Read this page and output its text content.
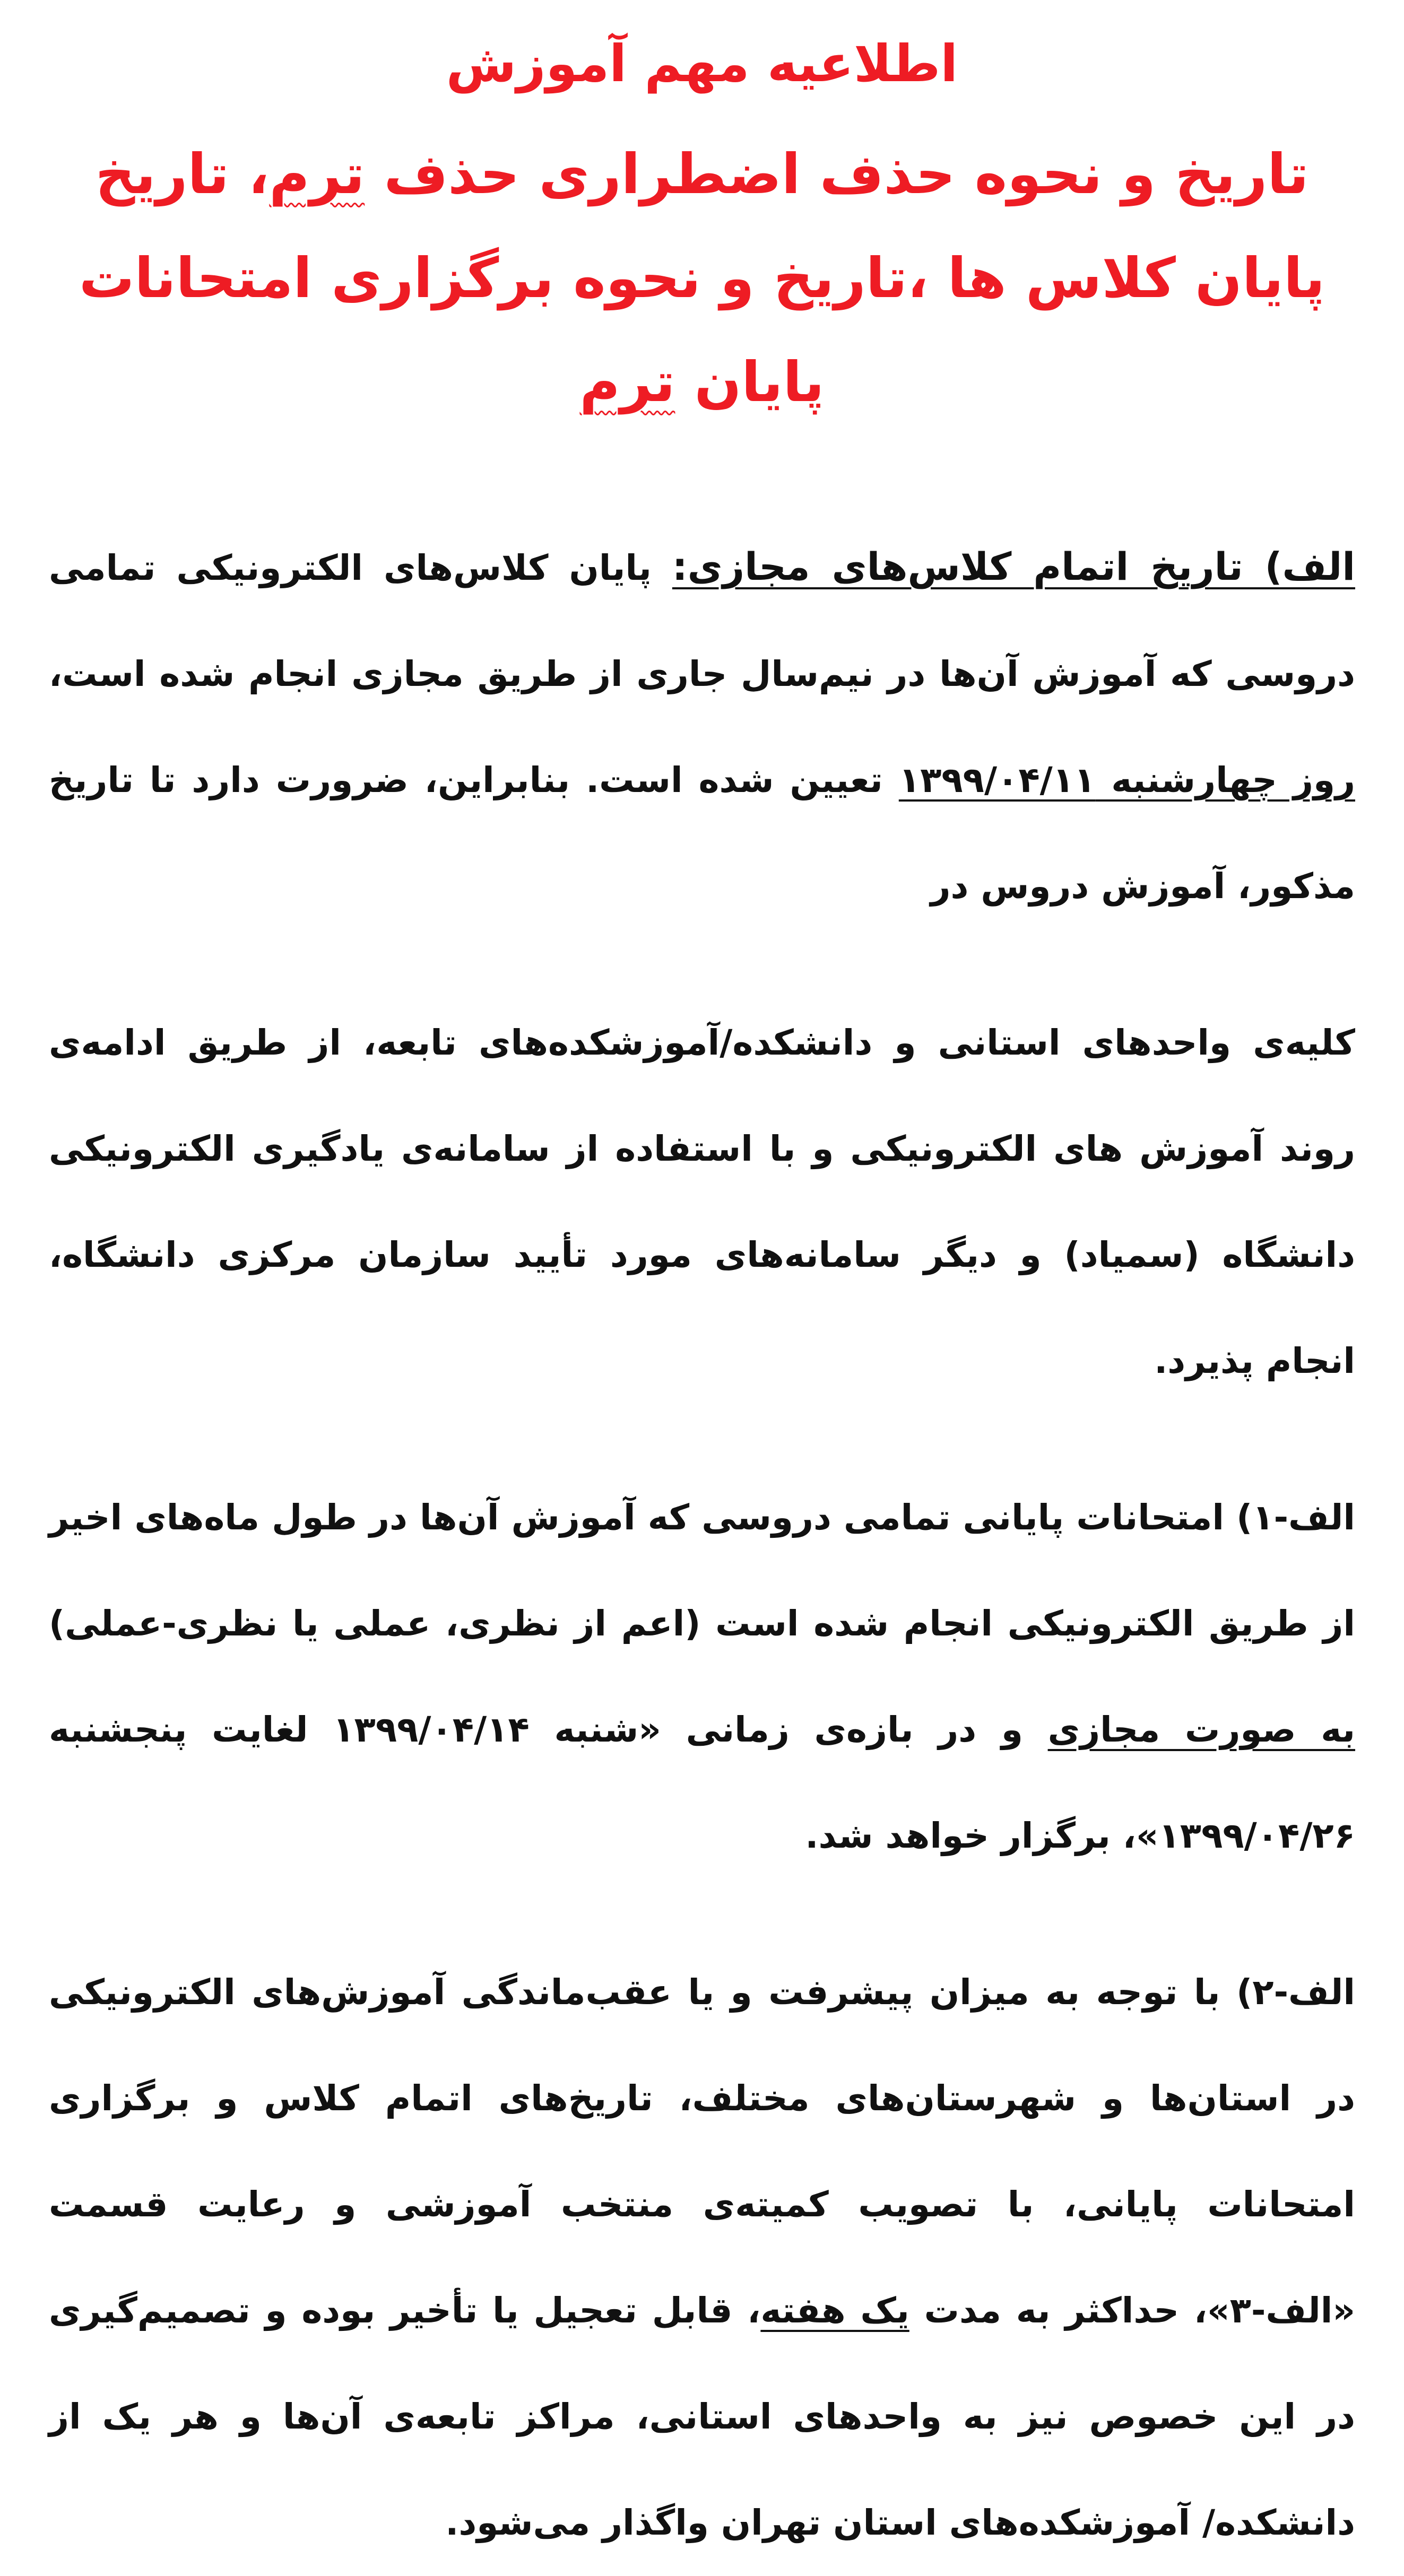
اطلاعیه مهم آموزش
تاریخ و نحوه حذف اضطراری حذف ترم، تاریخ پایان کلاس ها ،تاریخ و نحوه برگزاری امتحانات پایان ترم

الف) تاریخ اتمام کلاس‌های مجازی: پایان کلاس‌های الکترونیکی تمامی دروسی که آموزش آن‌ها در نیم‌سال جاری از طریق مجازی انجام شده است، روز چهارشنبه ۱۳۹۹/۰۴/۱۱ تعیین شده است. بنابراین، ضرورت دارد تا تاریخ مذکور، آموزش دروس در

کلیه‌ی واحدهای استانی و دانشکده/آموزشکده‌های تابعه، از طریق ادامه‌ی روند آموزش های الکترونیکی و با استفاده از سامانه‌ی یادگیری الکترونیکی دانشگاه (سمیاد) و دیگر سامانه‌های مورد تأیید سازمان مرکزی دانشگاه، انجام پذیرد.

الف-۱) امتحانات پایانی تمامی دروسی که آموزش آن‌ها در طول ماه‌های اخیر از طریق الکترونیکی انجام شده است (اعم از نظری، عملی یا نظری-عملی) به صورت مجازی و در بازه‌ی زمانی «شنبه ۱۳۹۹/۰۴/۱۴ لغایت پنجشنبه ۱۳۹۹/۰۴/۲۶»، برگزار خواهد شد.

الف-۲) با توجه به میزان پیشرفت و یا عقب‌ماندگی آموزش‌های الکترونیکی در استان‌ها و شهرستان‌های مختلف، تاریخ‌های اتمام کلاس و برگزاری امتحانات پایانی، با تصویب کمیته‌ی منتخب آموزشی و رعایت قسمت «الف-۳»، حداکثر به مدت یک هفته، قابل تعجیل یا تأخیر بوده و تصمیم‌گیری در این خصوص نیز به واحدهای استانی، مراکز تابعه‌ی آن‌ها و هر یک از دانشکده/ آموزشکده‌های استان تهران واگذار می‌شود.
